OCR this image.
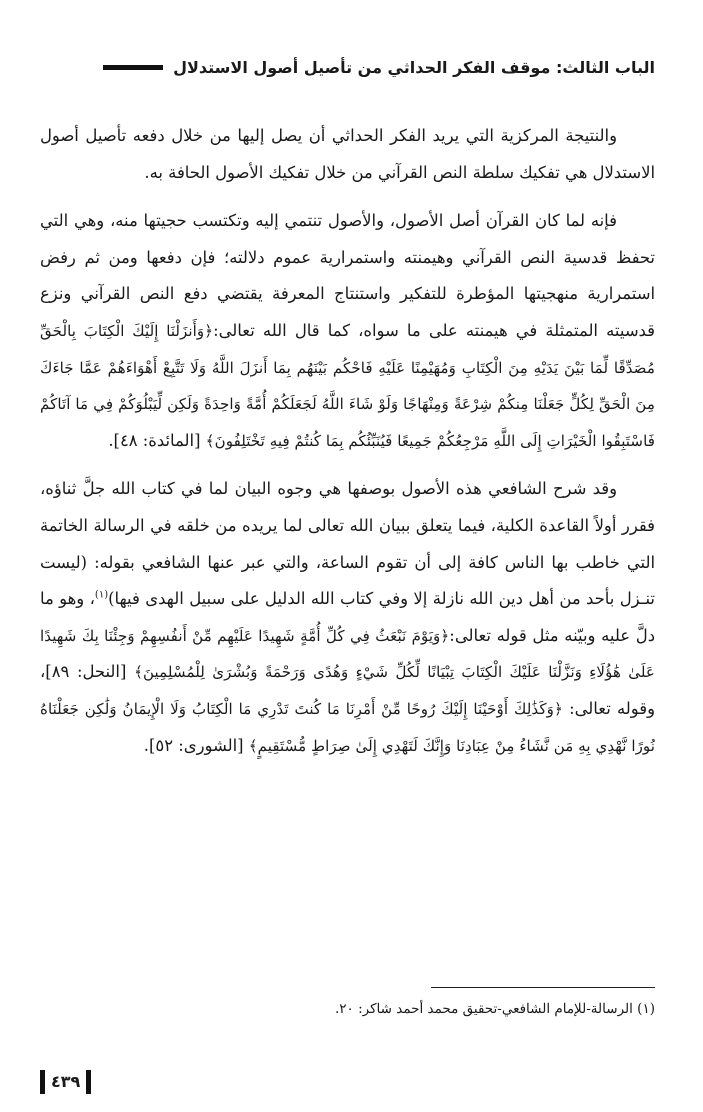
الباب الثالث: موقف الفكر الحداثي من تأصيل أصول الاستدلال

والنتيجة المركزية التي يريد الفكر الحداثي أن يصل إليها من خلال دفعه تأصيل أصول الاستدلال هي تفكيك سلطة النص القرآني من خلال تفكيك الأصول الحافة به.

فإنه لما كان القرآن أصل الأصول، والأصول تنتمي إليه وتكتسب حجيتها منه، وهي التي تحفظ قدسية النص القرآني وهيمنته واستمرارية عموم دلالته؛ فإن دفعها ومن ثم رفض استمرارية منهجيتها المؤطرة للتفكير واستنتاج المعرفة يقتضي دفع النص القرآني ونزع قدسيته المتمثلة في هيمنته على ما سواه، كما قال الله تعالى:﴿وَأَنزَلْنَا إِلَيْكَ الْكِتَابَ بِالْحَقِّ مُصَدِّقًا لِّمَا بَيْنَ يَدَيْهِ مِنَ الْكِتَابِ وَمُهَيْمِنًا عَلَيْهِ فَاحْكُم بَيْنَهُم بِمَا أَنزَلَ اللَّهُ وَلَا تَتَّبِعْ أَهْوَاءَهُمْ عَمَّا جَاءَكَ مِنَ الْحَقِّ لِكُلٍّ جَعَلْنَا مِنكُمْ شِرْعَةً وَمِنْهَاجًا وَلَوْ شَاءَ اللَّهُ لَجَعَلَكُمْ أُمَّةً وَاحِدَةً وَلَكِن لِّيَبْلُوَكُمْ فِي مَا آتَاكُمْ فَاسْتَبِقُوا الْخَيْرَاتِ إِلَى اللَّهِ مَرْجِعُكُمْ جَمِيعًا فَيُنَبِّئُكُم بِمَا كُنتُمْ فِيهِ تَخْتَلِفُونَ﴾ [المائدة: ٤٨].

وقد شرح الشافعي هذه الأصول بوصفها هي وجوه البيان لما في كتاب الله جلَّ ثناؤه، فقرر أولاً القاعدة الكلية، فيما يتعلق ببيان الله تعالى لما يريده من خلقه في الرسالة الخاتمة التي خاطب بها الناس كافة إلى أن تقوم الساعة، والتي عبر عنها الشافعي بقوله: (ليست تنـزل بأحد من أهل دين الله نازلة إلا وفي كتاب الله الدليل على سبيل الهدى فيها)$^{(١)}$، وهو ما دلَّ عليه وبيّنه مثل قوله تعالى:﴿وَيَوْمَ نَبْعَثُ فِي كُلِّ أُمَّةٍ شَهِيدًا عَلَيْهِم مِّنْ أَنفُسِهِمْ وَجِئْنَا بِكَ شَهِيدًا عَلَىٰ هَٰؤُلَاءِ وَنَزَّلْنَا عَلَيْكَ الْكِتَابَ تِبْيَانًا لِّكُلِّ شَيْءٍ وَهُدًى وَرَحْمَةً وَبُشْرَىٰ لِلْمُسْلِمِينَ﴾ [النحل: ٨٩]، وقوله تعالى: ﴿وَكَذَٰلِكَ أَوْحَيْنَا إِلَيْكَ رُوحًا مِّنْ أَمْرِنَا مَا كُنتَ تَدْرِي مَا الْكِتَابُ وَلَا الْإِيمَانُ وَلَٰكِن جَعَلْنَاهُ نُورًا نَّهْدِي بِهِ مَن نَّشَاءُ مِنْ عِبَادِنَا وَإِنَّكَ لَتَهْدِي إِلَىٰ صِرَاطٍ مُّسْتَقِيمٍ﴾ [الشورى: ٥٢].

(١) الرسالة-للإمام الشافعي-تحقيق محمد أحمد شاكر: ٢٠.
٤٣٩
